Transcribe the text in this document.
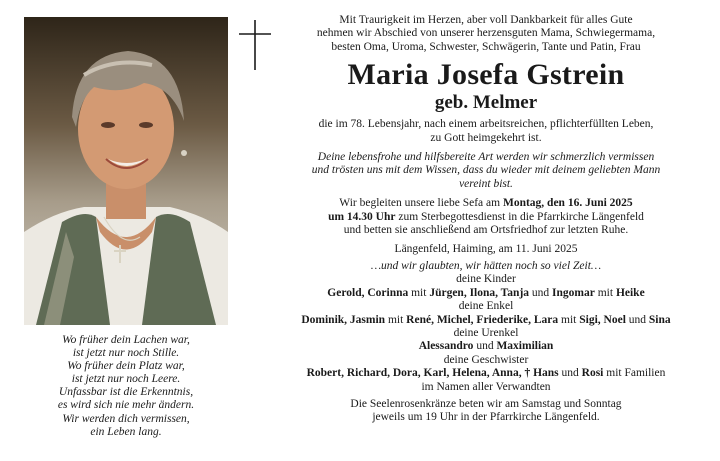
Wo früher dein Lachen war,
ist jetzt nur noch Stille.
Wo früher dein Platz war,
ist jetzt nur noch Leere.
Unfassbar ist die Erkenntnis,
es wird sich nie mehr ändern.
Wir werden dich vermissen,
ein Leben lang.
Mit Traurigkeit im Herzen, aber voll Dankbarkeit für alles Gute
nehmen wir Abschied von unserer herzensguten Mama, Schwiegermama,
besten Oma, Uroma, Schwester, Schwägerin, Tante und Patin, Frau
Maria Josefa Gstrein
geb. Melmer
die im 78. Lebensjahr, nach einem arbeitsreichen, pflichterfüllten Leben,
zu Gott heimgekehrt ist.
Deine lebensfrohe und hilfsbereite Art werden wir schmerzlich vermissen
und trösten uns mit dem Wissen, dass du wieder mit deinem geliebten Mann
vereint bist.
Wir begleiten unsere liebe Sefa am Montag, den 16. Juni 2025
um 14.30 Uhr zum Sterbegottesdienst in die Pfarrkirche Längenfeld
und betten sie anschließend am Ortsfriedhof zur letzten Ruhe.
Längenfeld, Haiming, am 11. Juni 2025
…und wir glaubten, wir hätten noch so viel Zeit…
deine Kinder
Gerold, Corinna mit Jürgen, Ilona, Tanja und Ingomar mit Heike
deine Enkel
Dominik, Jasmin mit René, Michel, Friederike, Lara mit Sigi, Noel und Sina
deine Urenkel
Alessandro und Maximilian
deine Geschwister
Robert, Richard, Dora, Karl, Helena, Anna, † Hans und Rosi mit Familien
im Namen aller Verwandten
Die Seelenrosenkränze beten wir am Samstag und Sonntag
jeweils um 19 Uhr in der Pfarrkirche Längenfeld.
